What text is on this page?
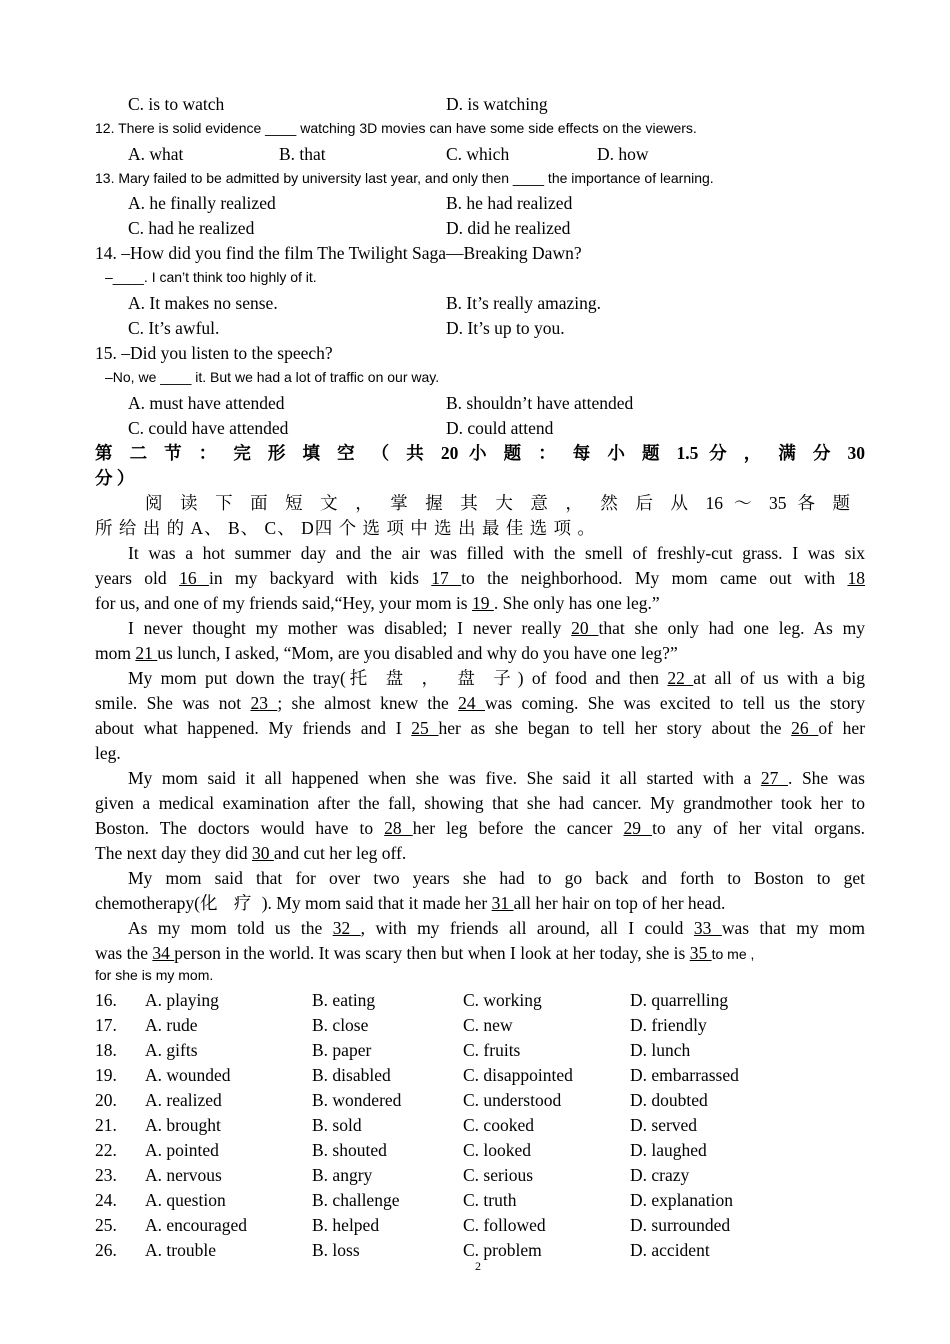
C. is to watch	D. is watching
12. There is solid evidence ____ watching 3D movies can have some side effects on the viewers.
A. what	B. that	C. which	D. how
13. Mary failed to be admitted by university last year, and only then ____ the importance of learning.
A. he finally realized	B. he had realized
C. had he realized	D. did he realized
14. –How did you find the film The Twilight Saga—Breaking Dawn?
–____. I can’t think too highly of it.
A. It makes no sense.	B. It’s really amazing.
C. It’s awful.	D. It’s up to you.
15. –Did you listen to the speech?
–No, we ____ it. But we had a lot of traffic on our way.
A. must have attended	B. shouldn’t have attended
C. could have attended	D. could attend
第 二 节 ： 完 形 填 空 （ 共 20 小 题 ： 每 小 题 1.5 分 ， 满 分 30
分 ）
阅 读 下 面 短 文 ， 掌 握 其 大 意 ， 然 后 从 16 ～ 35 各 题
所 给 出 的 A、 B、 C、 D四 个 选 项 中 选 出 最 佳 选 项 。
It was a hot summer day and the air was filled with the smell of freshly-cut grass. I was six
years old 16 in my backyard with kids 17 to the neighborhood. My mom came out with 18
for us, and one of my friends said,“Hey, your mom is 19 . She only has one leg.”
I never thought my mother was disabled; I never really 20 that she only had one leg. As my
mom 21 us lunch, I asked, “Mom, are you disabled and why do you have one leg?”
My mom put down the tray(托 盘 ， 盘 子) of food and then 22 at all of us with a big
smile. She was not 23 ; she almost knew the 24 was coming. She was excited to tell us the story
about what happened. My friends and I 25 her as she began to tell her story about the 26 of her
leg.
My mom said it all happened when she was five. She said it all started with a 27 . She was
given a medical examination after the fall, showing that she had cancer. My grandmother took her to
Boston. The doctors would have to 28 her leg before the cancer 29 to any of her vital organs.
The next day they did 30 and cut her leg off.
My mom said that for over two years she had to go back and forth to Boston to get
chemotherapy(化 疗 ). My mom said that it made her 31 all her hair on top of her head.
As my mom told us the 32 , with my friends all around, all I could 33 was that my mom
was the 34 person in the world. It was scary then but when I look at her today, she is 35 to me ,
for she is my mom.
16. A. playing	B. eating	C. working	D. quarrelling
17. A. rude	B. close	C. new	D. friendly
18. A. gifts	B. paper	C. fruits	D. lunch
19. A. wounded	B. disabled	C. disappointed	D. embarrassed
20. A. realized	B. wondered	C. understood	D. doubted
21. A. brought	B. sold	C. cooked	D. served
22. A. pointed	B. shouted	C. looked	D. laughed
23. A. nervous	B. angry	C. serious	D. crazy
24. A. question	B. challenge	C. truth	D. explanation
25. A. encouraged	B. helped	C. followed	D. surrounded
26. A. trouble	B. loss	C. problem	D. accident
2
